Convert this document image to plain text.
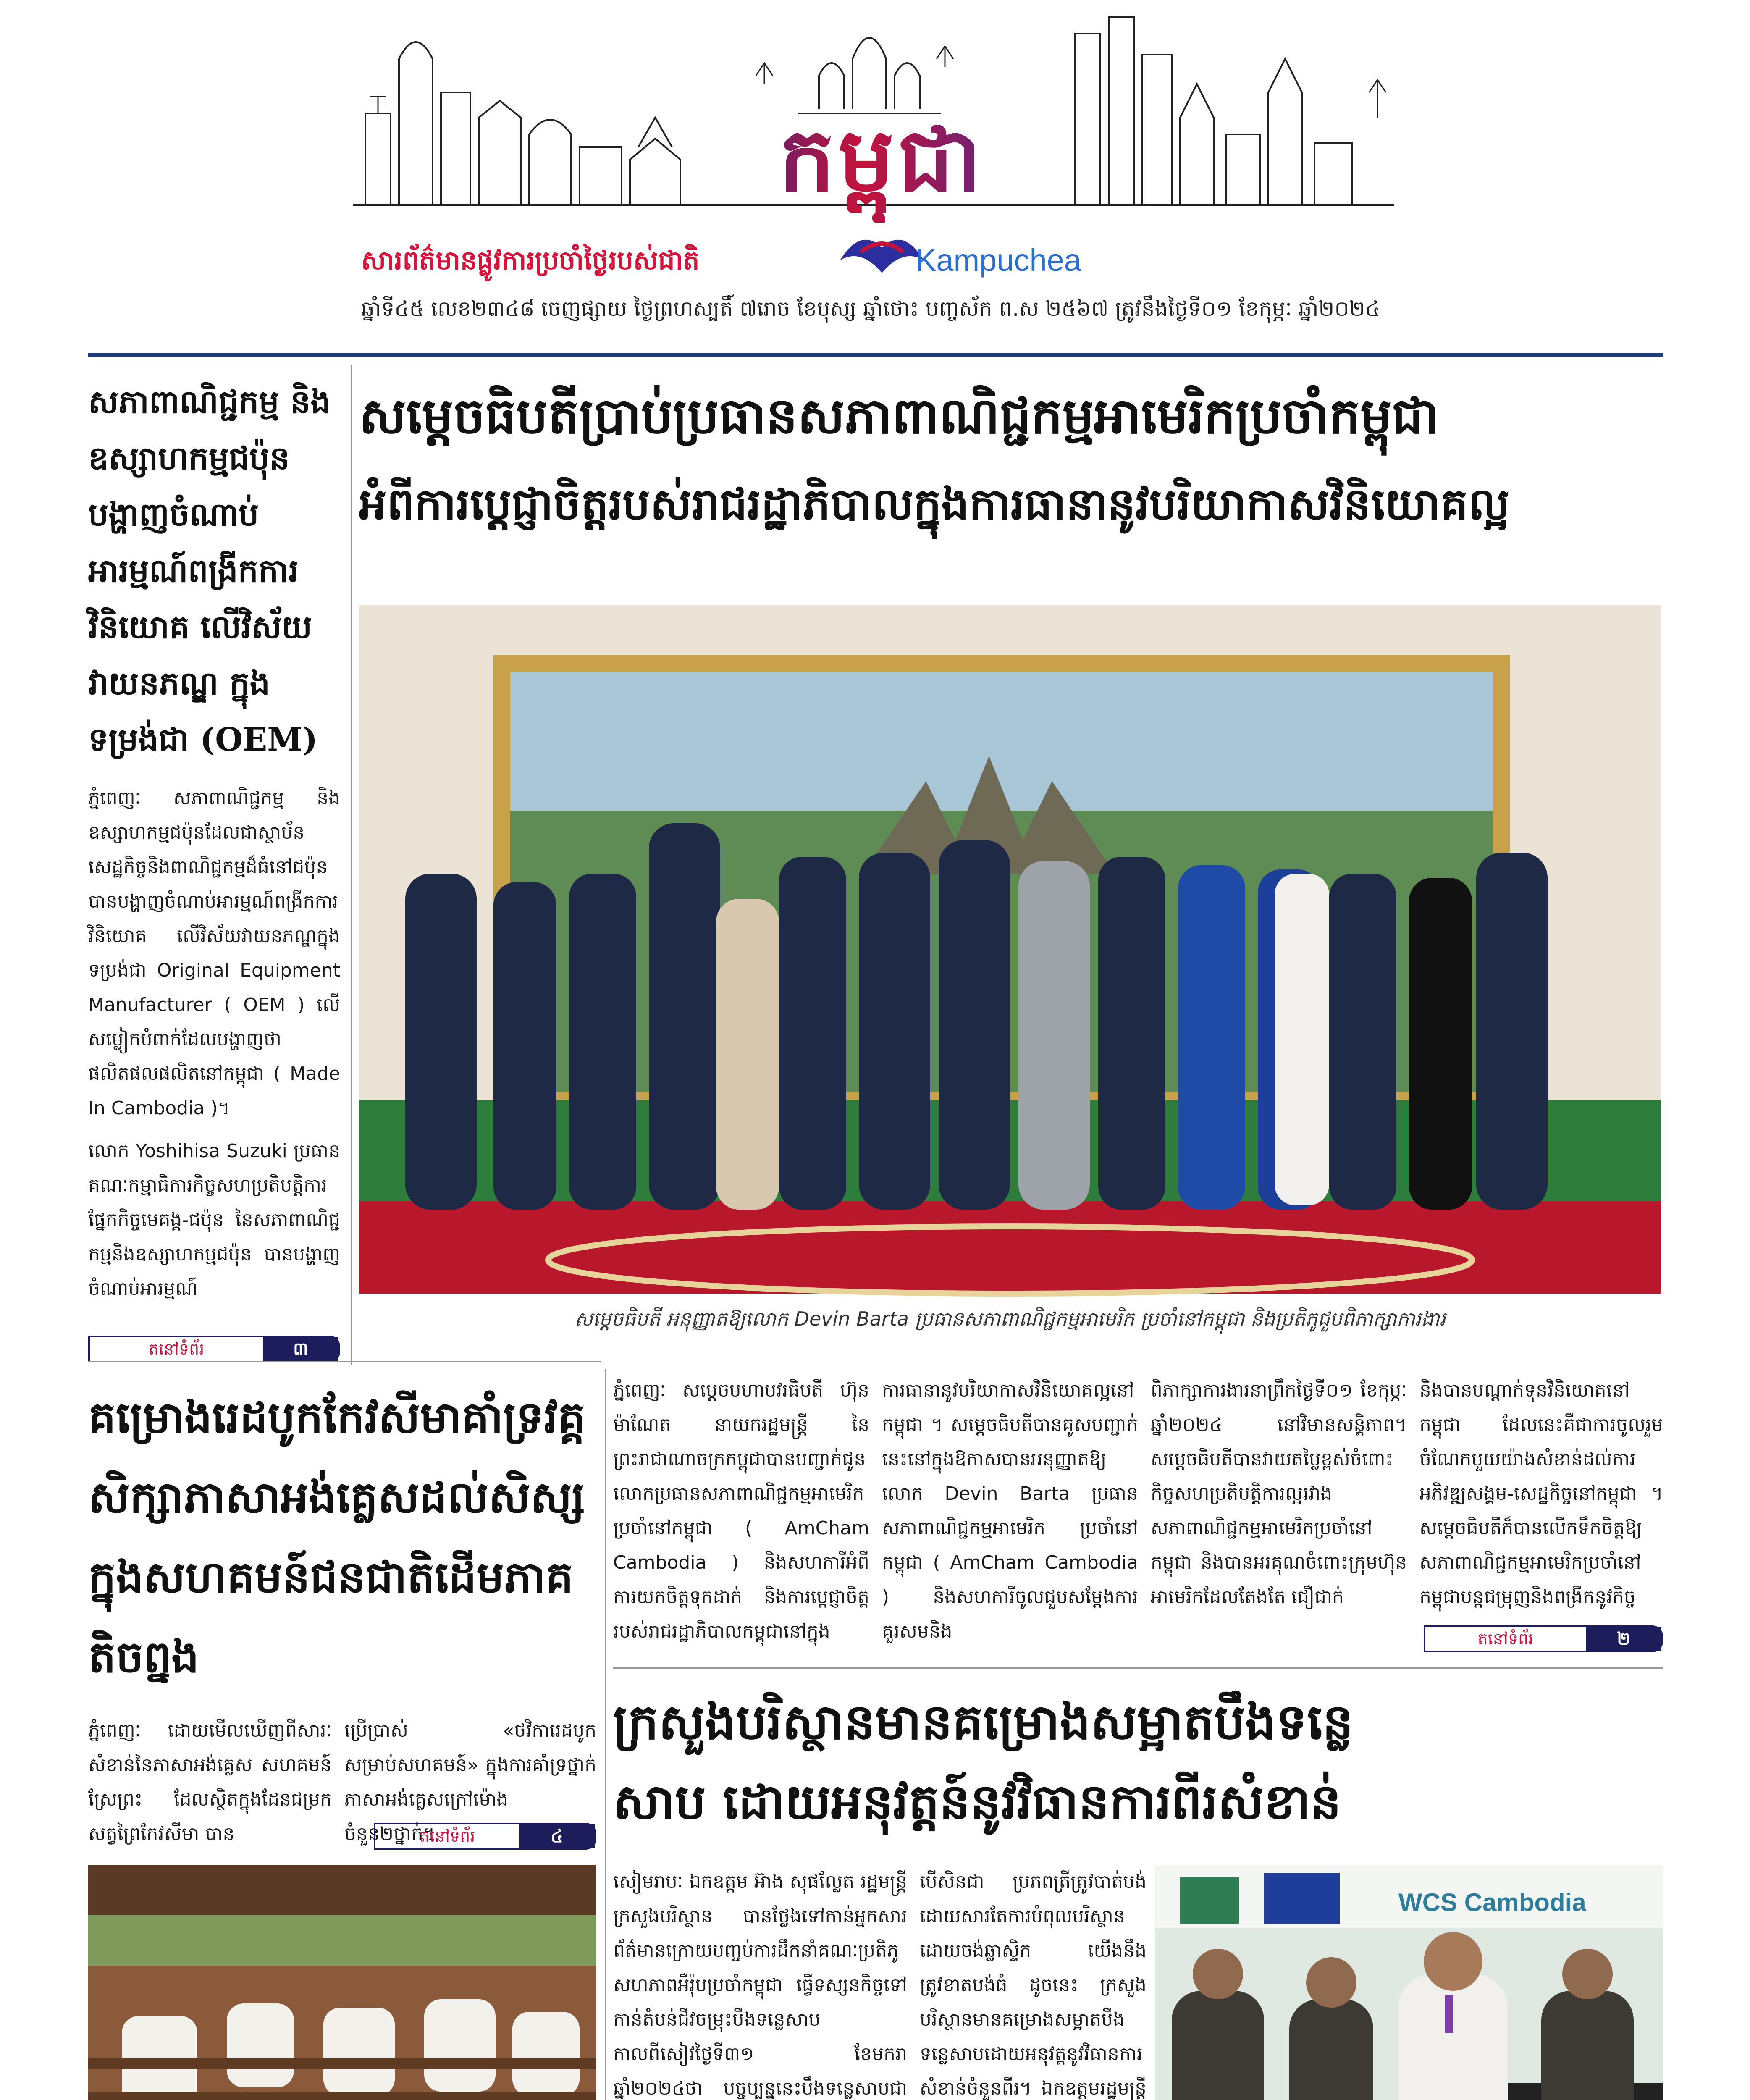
កម្ពុជា
សារព័ត៌មានផ្លូវការប្រចាំថ្ងៃរបស់ជាតិ	Kampuchea
ឆ្នាំទី៤៥ លេខ២៣៤៨ ចេញផ្សាយ ថ្ងៃព្រហស្បតិ៍ ៧រោច ខែបុស្ស ឆ្នាំថោះ បញ្ចស័ក ព.ស ២៥៦៧ ត្រូវនឹងថ្ងៃទី០១ ខែកុម្ភៈ ឆ្នាំ២០២៤
សភាពាណិជ្ជកម្ម និងឧស្សាហកម្មជប៉ុន បង្ហាញចំណាប់អារម្មណ៍ពង្រីកការវិនិយោគ លើវិស័យវាយនភណ្ឌ ក្នុងទម្រង់ជា (OEM)
ភ្នំពេញៈ សភាពាណិជ្ជកម្ម និងឧស្សាហកម្មជប៉ុនដែលជាស្ថាប័នសេដ្ឋកិច្ចនិងពាណិជ្ជកម្មដ៏ធំនៅជប៉ុនបានបង្ហាញចំណាប់អារម្មណ៍ពង្រីកការវិនិយោគ លើវិស័យវាយនភណ្ឌក្នុងទម្រង់ជា Original Equipment Manufacturer ( OEM ) លើសម្លៀកបំពាក់ដែលបង្ហាញថាផលិតផលផលិតនៅកម្ពុជា ( Made In Cambodia )។
លោក Yoshihisa Suzuki ប្រធានគណៈកម្មាធិការកិច្ចសហប្រតិបត្តិការផ្នែកកិច្ចមេគង្គ-ជប៉ុន នៃសភាពាណិជ្ជកម្មនិងឧស្សាហកម្មជប៉ុន បានបង្ហាញចំណាប់អារម្មណ៍
តនៅទំព័រ	៣
សម្ដេចធិបតីប្រាប់ប្រធានសភាពាណិជ្ជកម្មអាមេរិកប្រចាំកម្ពុជា
អំពីការប្ដេជ្ញាចិត្តរបស់រាជរដ្ឋាភិបាលក្នុងការធានានូវបរិយាកាសវិនិយោគល្អ
សម្ដេចធិបតី អនុញ្ញាតឱ្យលោក Devin Barta ប្រធានសភាពាណិជ្ជកម្មអាមេរិក ប្រចាំនៅកម្ពុជា និងប្រតិភូជួបពិភាក្សាការងារ
ភ្នំពេញៈ សម្ដេចមហាបវរធិបតី ហ៊ុន ម៉ាណែត នាយករដ្ឋមន្ត្រី នៃព្រះរាជាណាចក្រកម្ពុជាបានបញ្ជាក់ជូនលោកប្រធានសភាពាណិជ្ជកម្មអាមេរិកប្រចាំនៅកម្ពុជា ( AmCham Cambodia ) និងសហការីអំពីការយកចិត្តទុកដាក់ និងការប្ដេជ្ញាចិត្តរបស់រាជរដ្ឋាភិបាលកម្ពុជានៅក្នុង
ការធានានូវបរិយាកាសវិនិយោគល្អនៅកម្ពុជា ។ សម្ដេចធិបតីបានគូសបញ្ជាក់នេះនៅក្នុងឱកាសបានអនុញ្ញាតឱ្យលោក Devin Barta ប្រធានសភាពាណិជ្ជកម្មអាមេរិក ប្រចាំនៅកម្ពុជា ( AmCham Cambodia ) និងសហការីចូលជួបសម្ដែងការគួរសមនិង
ពិភាក្សាការងារនាព្រឹកថ្ងៃទី០១ ខែកុម្ភៈ ឆ្នាំ២០២៤ នៅវិមានសន្តិភាព។ សម្ដេចធិបតីបានវាយតម្លៃខ្ពស់ចំពោះកិច្ចសហប្រតិបត្តិការល្អរវាងសភាពាណិជ្ជកម្មអាមេរិកប្រចាំនៅកម្ពុជា និងបានអរគុណចំពោះក្រុមហ៊ុនអាមេរិកដែលតែងតែ ជឿជាក់
និងបានបណ្ដាក់ទុនវិនិយោគនៅកម្ពុជា ដែលនេះគឺជាការចូលរួមចំណែកមួយយ៉ាងសំខាន់ដល់ការអភិវឌ្ឍសង្គម-សេដ្ឋកិច្ចនៅកម្ពុជា ។ សម្ដេចធិបតីក៏បានលើកទឹកចិត្តឱ្យសភាពាណិជ្ជកម្មអាមេរិកប្រចាំនៅកម្ពុជាបន្តជម្រុញនិងពង្រីកនូវកិច្ច
តនៅទំព័រ	២
គម្រោងរេដបូកកែវសីមាគាំទ្រវគ្គសិក្សាភាសាអង់គ្លេសដល់សិស្ស ក្នុងសហគមន៍ជនជាតិដើមភាគតិចព្នង
ភ្នំពេញៈ ដោយមើលឃើញពីសារៈសំខាន់នៃភាសាអង់គ្លេស សហគមន៍ស្រែព្រះ ដែលស្ថិតក្នុងដែនជម្រកសត្វព្រៃកែវសីមា បាន
ប្រើប្រាស់ «ថវិការេដបូកសម្រាប់សហគមន៍» ក្នុងការគាំទ្រថ្នាក់ភាសាអង់គ្លេសក្រៅម៉ោងចំនួន២ថ្នាក់។
តនៅទំព័រ	៤
ក្រសួងបរិស្ថានមានគម្រោងសម្អាតបឹងទន្លេ
សាប ដោយអនុវត្តន៍នូវវិធានការពីរសំខាន់
សៀមរាបៈ ឯកឧត្តម អ៊ាង សុផល្លែត រដ្ឋមន្ត្រីក្រសួងបរិស្ថាន បានថ្លែងទៅកាន់អ្នកសារព័ត៌មានក្រោយបញ្ចប់ការដឹកនាំគណៈប្រតិភូសហភាពអឺរ៉ុបប្រចាំកម្ពុជា ធ្វើទស្សនកិច្ចទៅកាន់តំបន់ជីវចម្រុះបឹងទន្លេសាប កាលពីសៀវថ្ងៃទី៣១ ខែមករា ឆ្នាំ២០២៤ថា បច្ចុប្បន្ននេះបឹងទន្លេសាបជា
បើសិនជា ប្រភពត្រីត្រូវបាត់បង់ ដោយសារតែការបំពុលបរិស្ថាន ដោយចង់ឆ្លាស្ទិក យើងនឹងត្រូវខាតបង់ធំ ដូចនេះ ក្រសួងបរិស្ថានមានគម្រោងសម្អាតបឹងទន្លេសាបដោយអនុវត្តនូវវិធានការសំខាន់ចំនួនពីរ។ ឯកឧត្តមរដ្ឋមន្ត្រី
WCS Cambodia
